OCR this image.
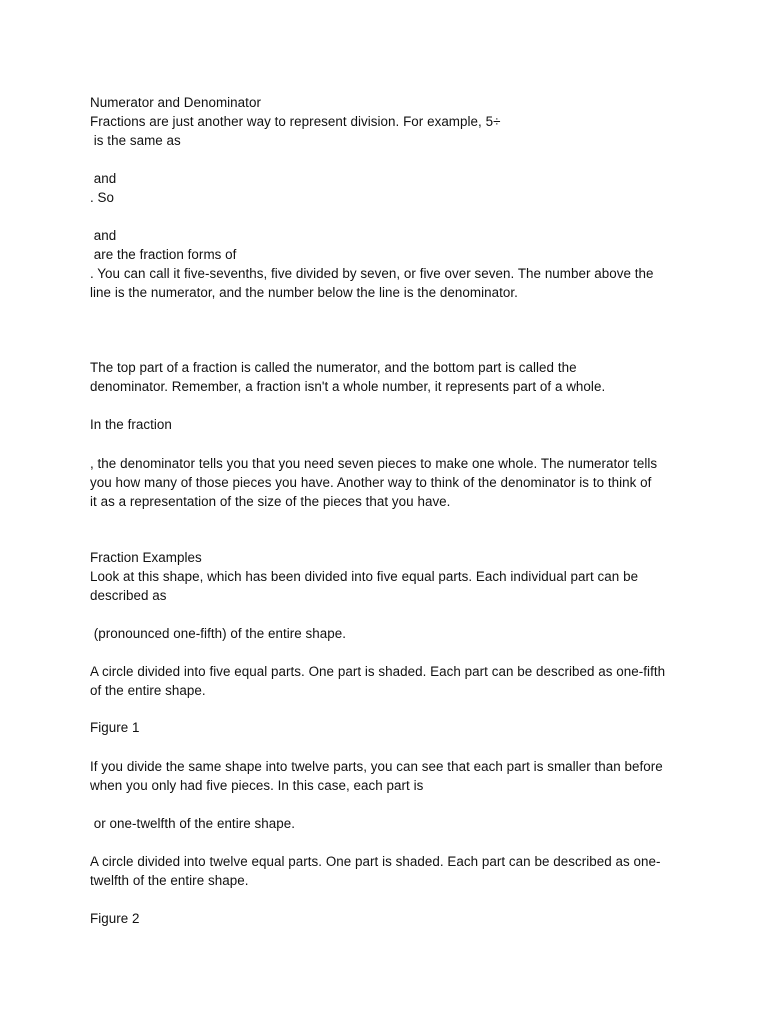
Numerator and Denominator
Fractions are just another way to represent division. For example, 5÷
is the same as
and
. So
and
are the fraction forms of
. You can call it five-sevenths, five divided by seven, or five over seven. The number above the
line is the numerator, and the number below the line is the denominator.
The top part of a fraction is called the numerator, and the bottom part is called the
denominator. Remember, a fraction isn't a whole number, it represents part of a whole.
In the fraction
, the denominator tells you that you need seven pieces to make one whole. The numerator tells
you how many of those pieces you have. Another way to think of the denominator is to think of
it as a representation of the size of the pieces that you have.
Fraction Examples
Look at this shape, which has been divided into five equal parts. Each individual part can be
described as
(pronounced one-fifth) of the entire shape.
A circle divided into five equal parts. One part is shaded. Each part can be described as one-fifth
of the entire shape.
Figure 1
If you divide the same shape into twelve parts, you can see that each part is smaller than before
when you only had five pieces. In this case, each part is
or one-twelfth of the entire shape.
A circle divided into twelve equal parts. One part is shaded. Each part can be described as one-
twelfth of the entire shape.
Figure 2
